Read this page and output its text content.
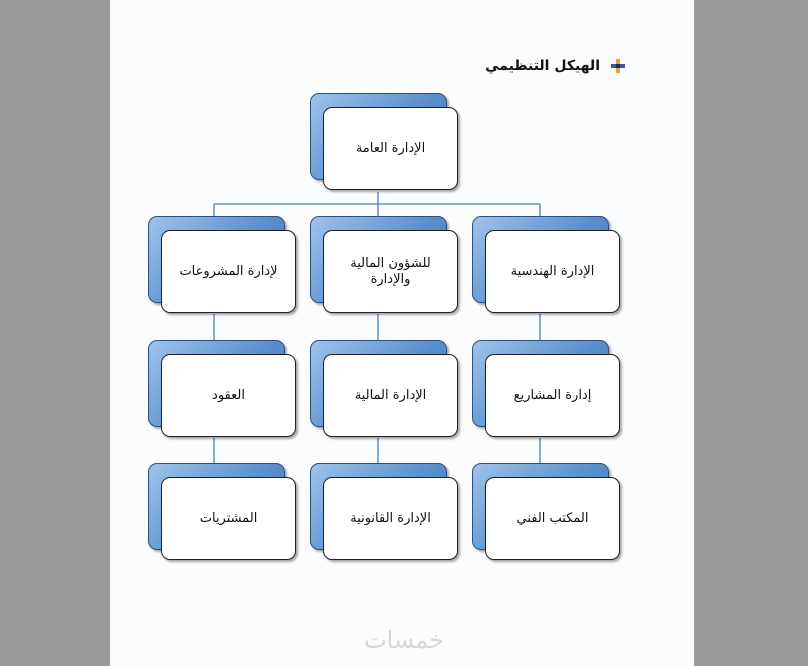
الهيكل التنظيمي
الإدارة العامة
الإدارة الهندسية
للشؤون المالية والإدارة
لإدارة المشروعات
إدارة المشاريع
الإدارة المالية
العقود
المكتب الفني
الإدارة القانونية
المشتريات
خمسات
